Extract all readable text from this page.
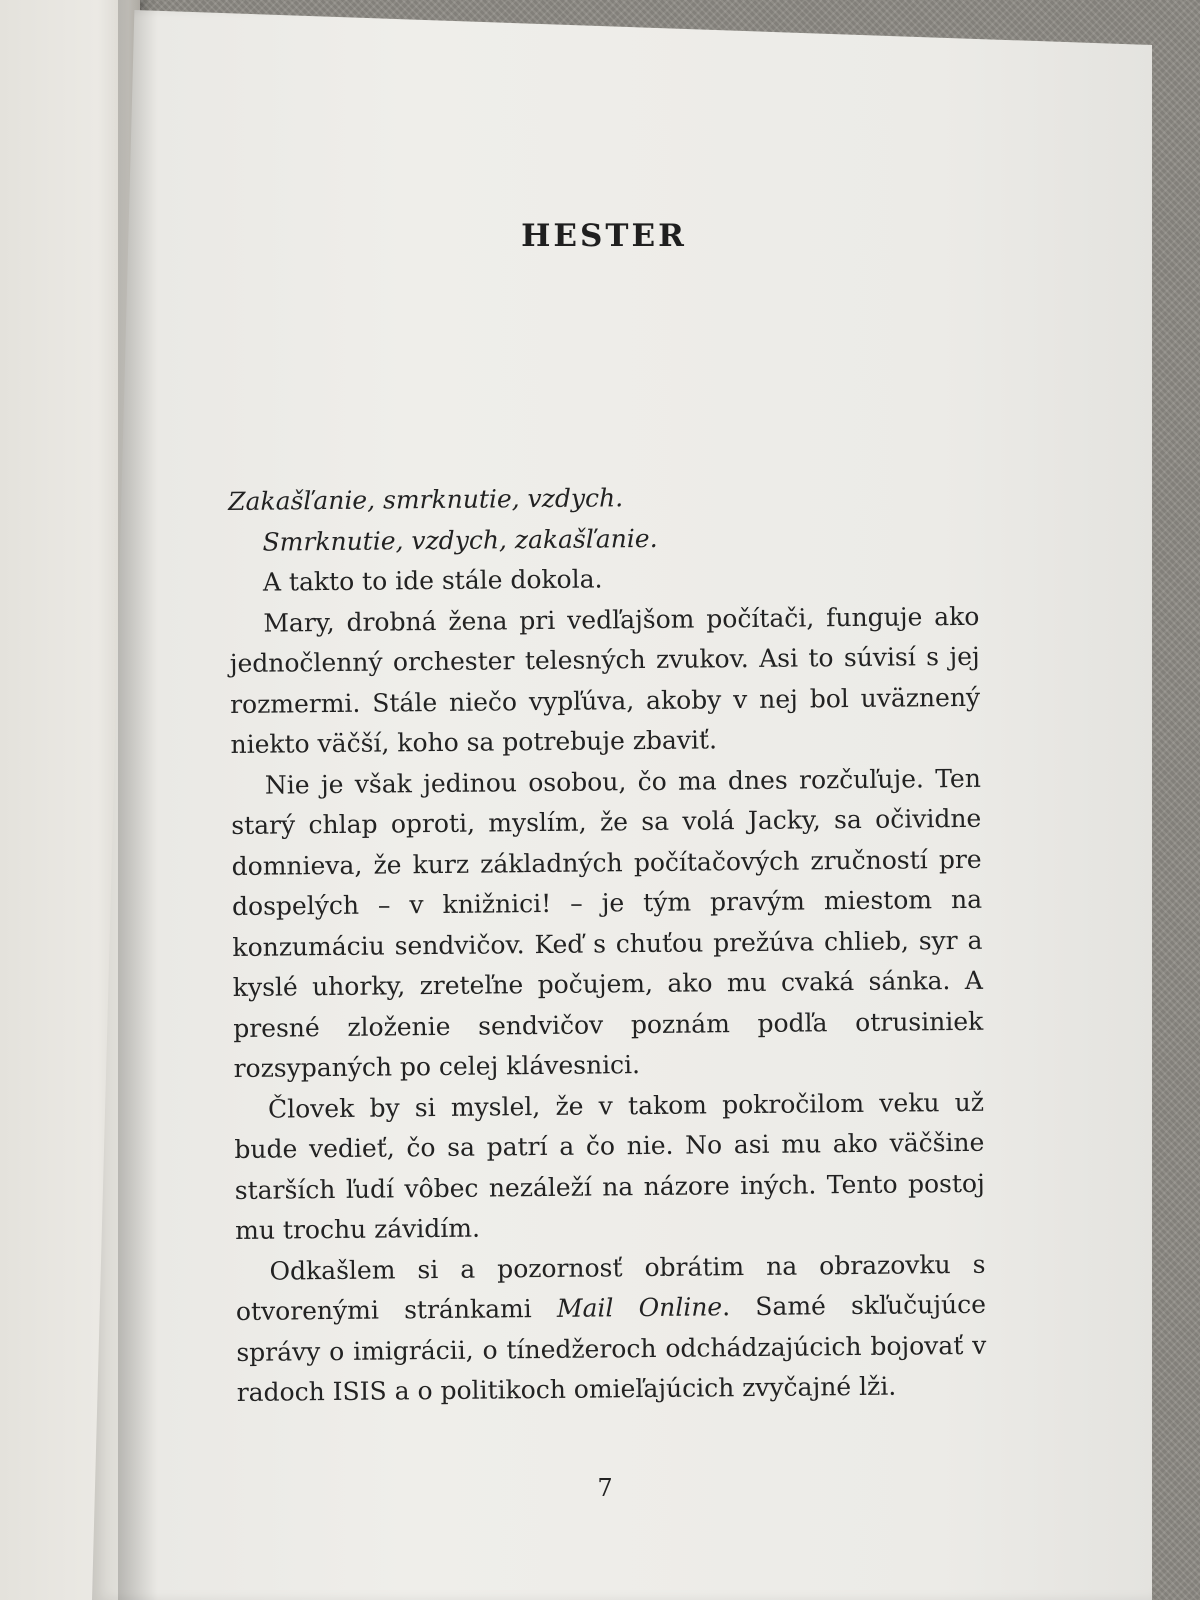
HESTER

Zakašľanie, smrknutie, vzdych.

Smrknutie, vzdych, zakašľanie.

A takto to ide stále dokola.

Mary, drobná žena pri vedľajšom počítači, funguje ako jednočlenný orchester telesných zvukov. Asi to súvisí s jej rozmermi. Stále niečo vypľúva, akoby v nej bol uväznený niekto väčší, koho sa potrebuje zbaviť.

Nie je však jedinou osobou, čo ma dnes rozčuľuje. Ten starý chlap oproti, myslím, že sa volá Jacky, sa očividne domnieva, že kurz základných počítačových zručností pre dospelých – v knižnici! – je tým pravým miestom na konzumáciu sendvičov. Keď s chuťou prežúva chlieb, syr a kyslé uhorky, zreteľne počujem, ako mu cvaká sánka. A presné zloženie sendvičov poznám podľa otrusiniek rozsypaných po celej klávesnici.

Človek by si myslel, že v takom pokročilom veku už bude vedieť, čo sa patrí a čo nie. No asi mu ako väčšine starších ľudí vôbec nezáleží na názore iných. Tento postoj mu trochu závidím.

Odkašlem si a pozornosť obrátim na obrazovku s otvorenými stránkami Mail Online. Samé skľučujúce správy o imigrácii, o tínedžeroch odchádzajúcich bojovať v radoch ISIS a o politikoch omieľajúcich zvyčajné lži.

7
